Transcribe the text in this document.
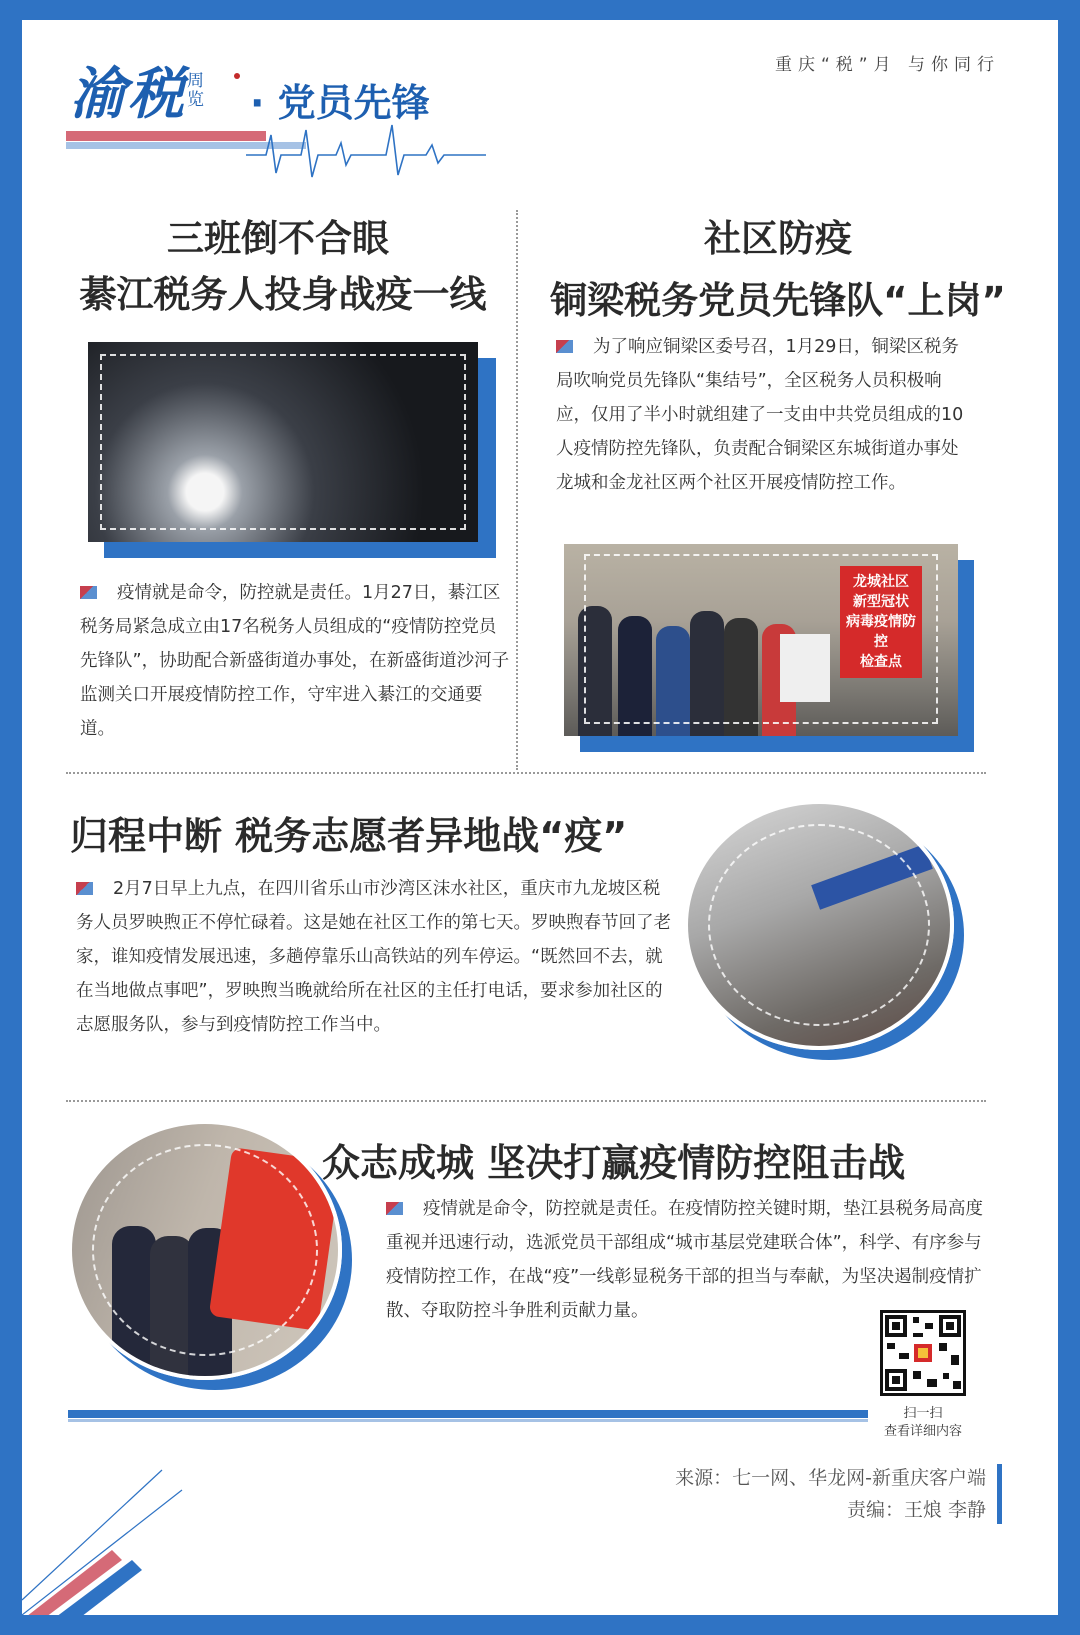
渝税 周览 · 党员先锋
重庆“税”月 与你同行
三班倒不合眼
綦江税务人投身战疫一线
疫情就是命令，防控就是责任。1月27日，綦江区税务局紧急成立由17名税务人员组成的“疫情防控党员先锋队”，协助配合新盛街道办事处，在新盛街道沙河子监测关口开展疫情防控工作，守牢进入綦江的交通要道。
社区防疫
铜梁税务党员先锋队“上岗”
为了响应铜梁区委号召，1月29日，铜梁区税务局吹响党员先锋队“集结号”，全区税务人员积极响应，仅用了半小时就组建了一支由中共党员组成的10人疫情防控先锋队，负责配合铜梁区东城街道办事处龙城和金龙社区两个社区开展疫情防控工作。
龙城社区
新型冠状
病毒疫情防控
检查点
归程中断 税务志愿者异地战“疫”
2月7日早上九点，在四川省乐山市沙湾区沫水社区，重庆市九龙坡区税务人员罗映煦正不停忙碌着。这是她在社区工作的第七天。罗映煦春节回了老家，谁知疫情发展迅速，多趟停靠乐山高铁站的列车停运。“既然回不去，就在当地做点事吧”，罗映煦当晚就给所在社区的主任打电话，要求参加社区的志愿服务队，参与到疫情防控工作当中。
众志成城 坚决打赢疫情防控阻击战
疫情就是命令，防控就是责任。在疫情防控关键时期，垫江县税务局高度重视并迅速行动，选派党员干部组成“城市基层党建联合体”，科学、有序参与疫情防控工作，在战“疫”一线彰显税务干部的担当与奉献，为坚决遏制疫情扩散、夺取防控斗争胜利贡献力量。
扫一扫
查看详细内容
来源：七一网、华龙网-新重庆客户端
责编：王烺 李静
